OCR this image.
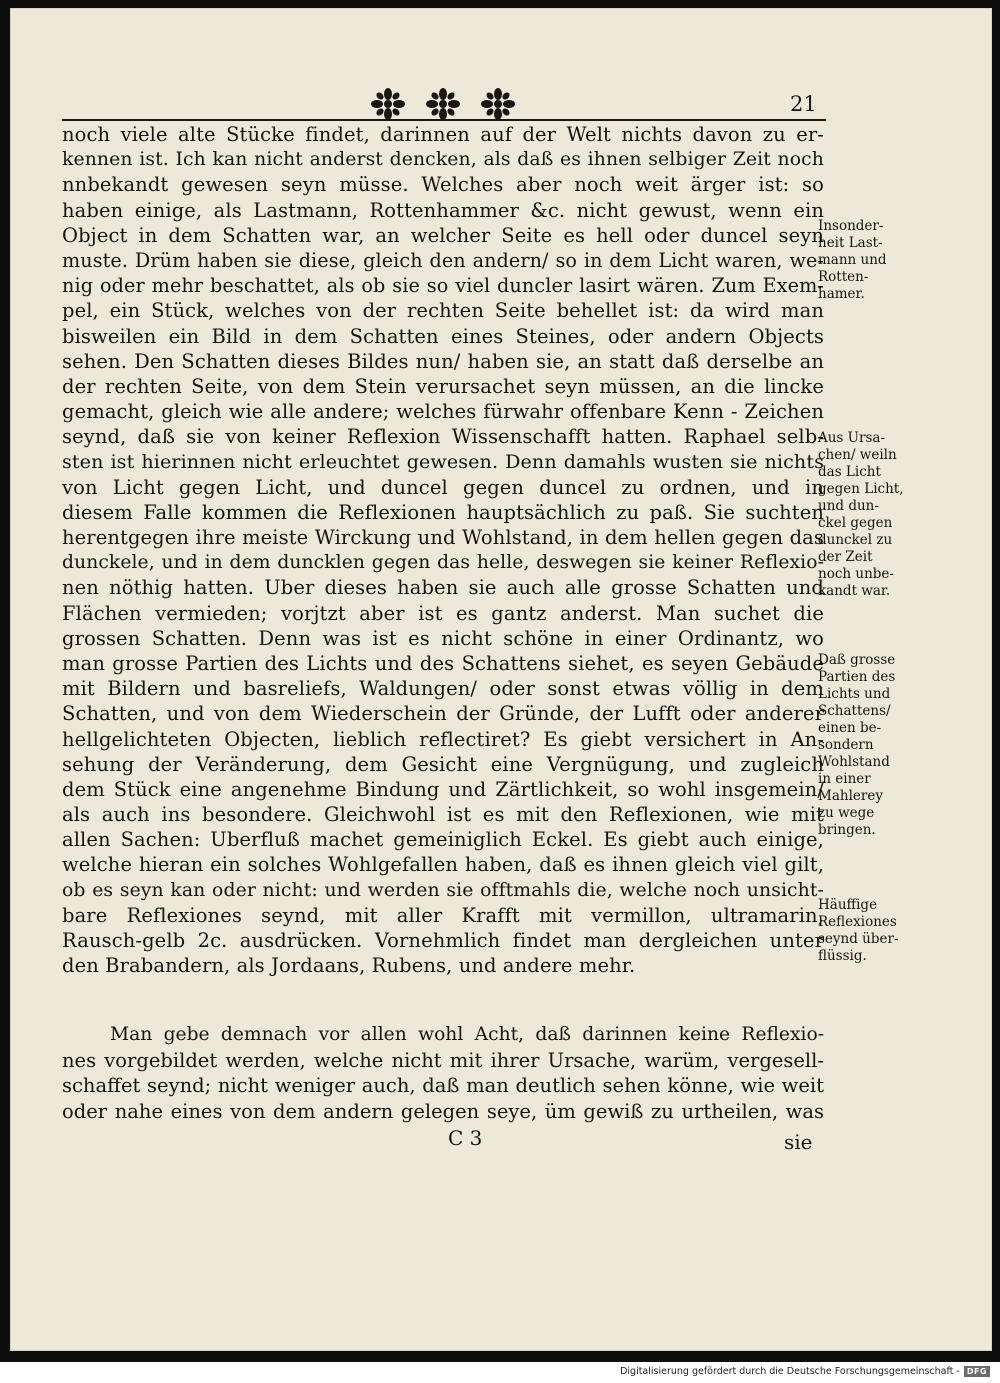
21
noch viele alte Stücke findet, darinnen auf der Welt nichts davon zu er-
kennen ist. Ich kan nicht anderst dencken, als daß es ihnen selbiger Zeit noch
nnbekandt gewesen seyn müsse. Welches aber noch weit ärger ist: so
haben einige, als Lastmann, Rottenhammer &c. nicht gewust, wenn ein
Object in dem Schatten war, an welcher Seite es hell oder duncel seyn
muste. Drüm haben sie diese, gleich den andern/ so in dem Licht waren, we-
nig oder mehr beschattet, als ob sie so viel duncler lasirt wären. Zum Exem-
pel, ein Stück, welches von der rechten Seite behellet ist: da wird man
bisweilen ein Bild in dem Schatten eines Steines, oder andern Objects
sehen. Den Schatten dieses Bildes nun/ haben sie, an statt daß derselbe an
der rechten Seite, von dem Stein verursachet seyn müssen, an die lincke
gemacht, gleich wie alle andere; welches fürwahr offenbare Kenn - Zeichen
seynd, daß sie von keiner Reflexion Wissenschafft hatten. Raphael selb-
sten ist hierinnen nicht erleuchtet gewesen. Denn damahls wusten sie nichts
von Licht gegen Licht, und duncel gegen duncel zu ordnen, und in
diesem Falle kommen die Reflexionen hauptsächlich zu paß. Sie suchten
herentgegen ihre meiste Wirckung und Wohlstand, in dem hellen gegen das
dunckele, und in dem duncklen gegen das helle, deswegen sie keiner Reflexio-
nen nöthig hatten. Uber dieses haben sie auch alle grosse Schatten und
Flächen vermieden; vorjtzt aber ist es gantz anderst. Man suchet die
grossen Schatten. Denn was ist es nicht schöne in einer Ordinantz, wo
man grosse Partien des Lichts und des Schattens siehet, es seyen Gebäude
mit Bildern und basreliefs, Waldungen/ oder sonst etwas völlig in dem
Schatten, und von dem Wiederschein der Gründe, der Lufft oder anderer
hellgelichteten Objecten, lieblich reflectiret? Es giebt versichert in An-
sehung der Veränderung, dem Gesicht eine Vergnügung, und zugleich
dem Stück eine angenehme Bindung und Zärtlichkeit, so wohl insgemein/
als auch ins besondere. Gleichwohl ist es mit den Reflexionen, wie mit
allen Sachen: Uberfluß machet gemeiniglich Eckel. Es giebt auch einige,
welche hieran ein solches Wohlgefallen haben, daß es ihnen gleich viel gilt,
ob es seyn kan oder nicht: und werden sie offtmahls die, welche noch unsicht-
bare Reflexiones seynd, mit aller Krafft mit vermillon, ultramarin,
Rausch-gelb 2c. ausdrücken. Vornehmlich findet man dergleichen unter
den Brabandern, als Jordaans, Rubens, und andere mehr.
Man gebe demnach vor allen wohl Acht, daß darinnen keine Reflexio-
nes vorgebildet werden, welche nicht mit ihrer Ursache, warüm, vergesell-
schaffet seynd; nicht weniger auch, daß man deutlich sehen könne, wie weit
oder nahe eines von dem andern gelegen seye, üm gewiß zu urtheilen, was
C 3	sie
Insonder-
heit Last-
mann und
Rotten-
hamer.
Aus Ursa-
chen/ weiln
das Licht
gegen Licht,
und dun-
ckel gegen
dunckel zu
der Zeit
noch unbe-
kandt war.
Daß grosse
Partien des
Lichts und
Schattens/
einen be-
sondern
Wohlstand
in einer
Mahlerey
zu wege
bringen.
Häuffige
Reflexiones
seynd über-
flüssig.
Digitalisierung gefördert durch die Deutsche Forschungsgemeinschaft - DFG
